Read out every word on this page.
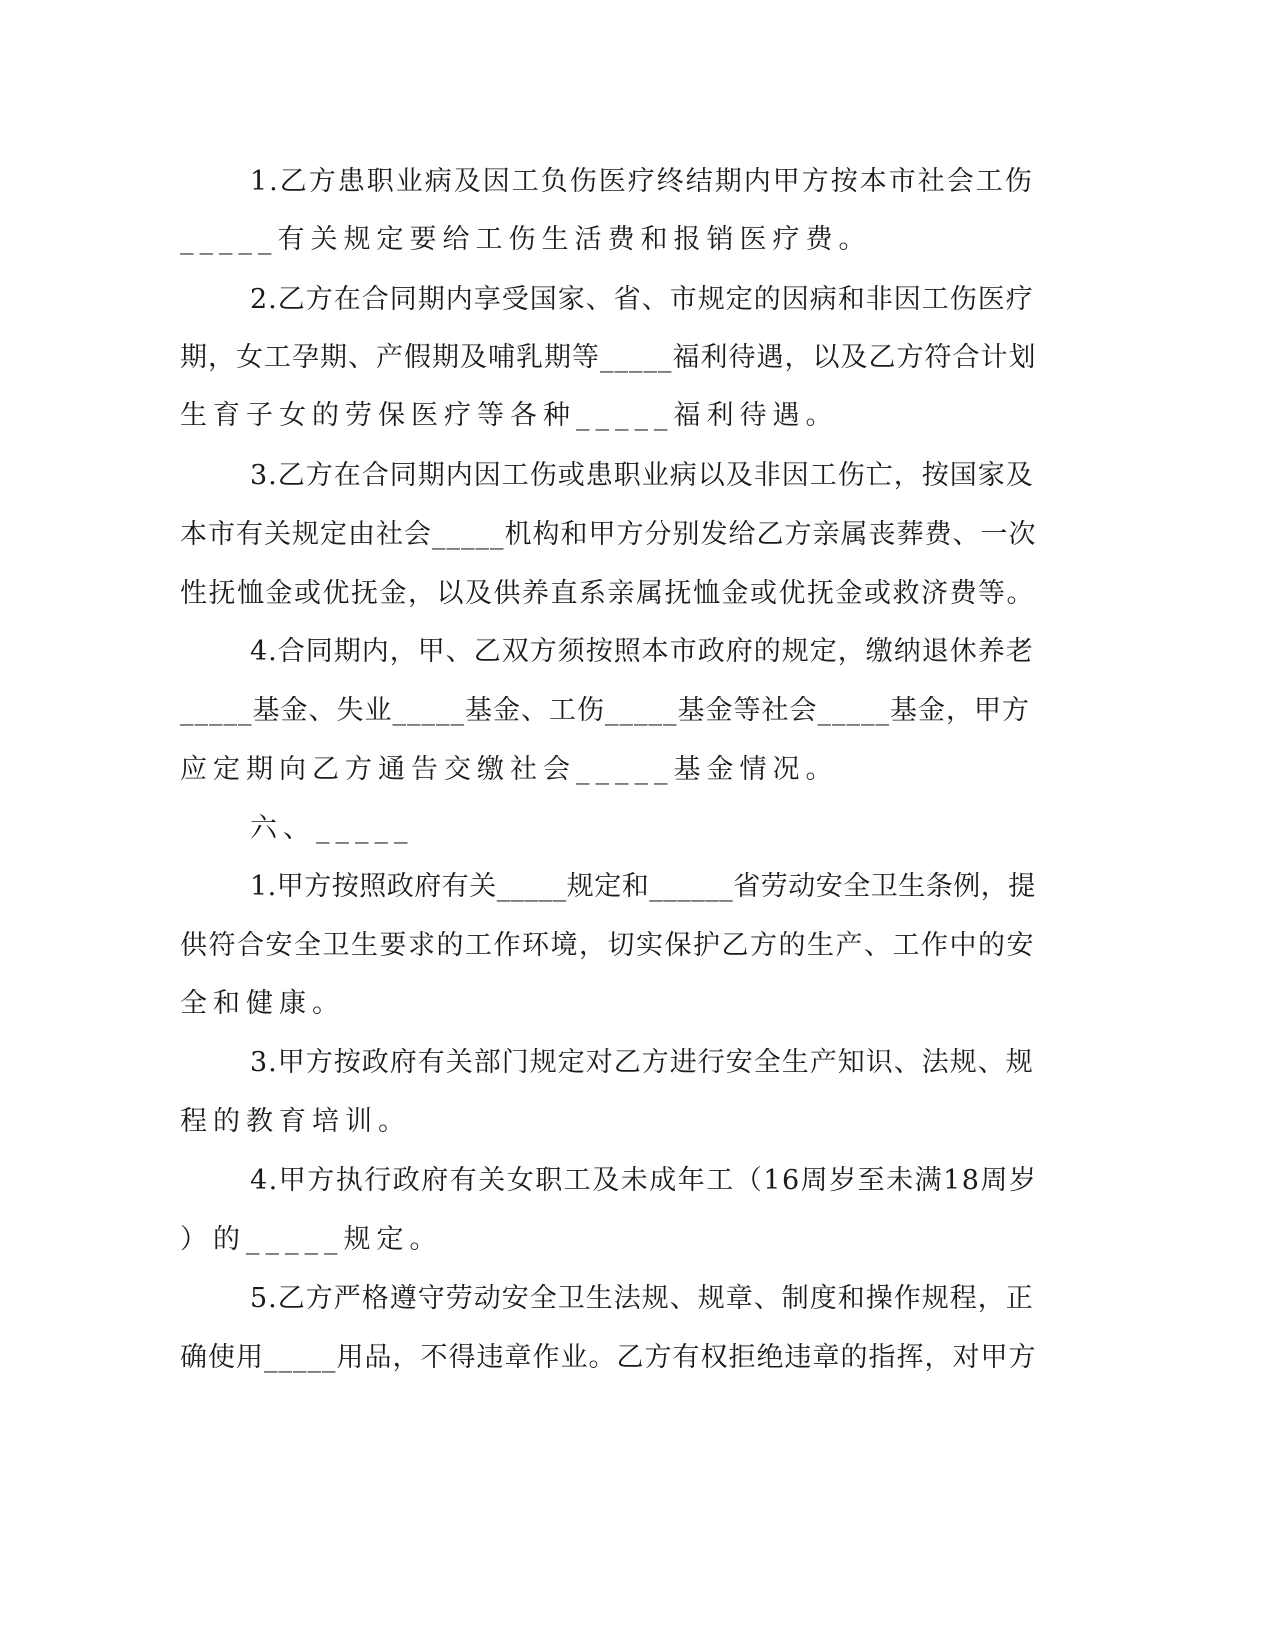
1.乙方患职业病及因工负伤医疗终结期内甲方按本市社会工伤
_____有关规定要给工伤生活费和报销医疗费。
2.乙方在合同期内享受国家、省、市规定的因病和非因工伤医疗
期，女工孕期、产假期及哺乳期等_____福利待遇，以及乙方符合计划
生育子女的劳保医疗等各种_____福利待遇。
3.乙方在合同期内因工伤或患职业病以及非因工伤亡，按国家及
本市有关规定由社会_____机构和甲方分别发给乙方亲属丧葬费、一次
性抚恤金或优抚金，以及供养直系亲属抚恤金或优抚金或救济费等。
4.合同期内，甲、乙双方须按照本市政府的规定，缴纳退休养老
_____基金、失业_____基金、工伤_____基金等社会_____基金，甲方
应定期向乙方通告交缴社会_____基金情况。
六、_____
1.甲方按照政府有关_____规定和______省劳动安全卫生条例，提
供符合安全卫生要求的工作环境，切实保护乙方的生产、工作中的安
全和健康。
3.甲方按政府有关部门规定对乙方进行安全生产知识、法规、规
程的教育培训。
4.甲方执行政府有关女职工及未成年工（16周岁至未满18周岁
）的_____规定。
5.乙方严格遵守劳动安全卫生法规、规章、制度和操作规程，正
确使用_____用品，不得违章作业。乙方有权拒绝违章的指挥，对甲方
